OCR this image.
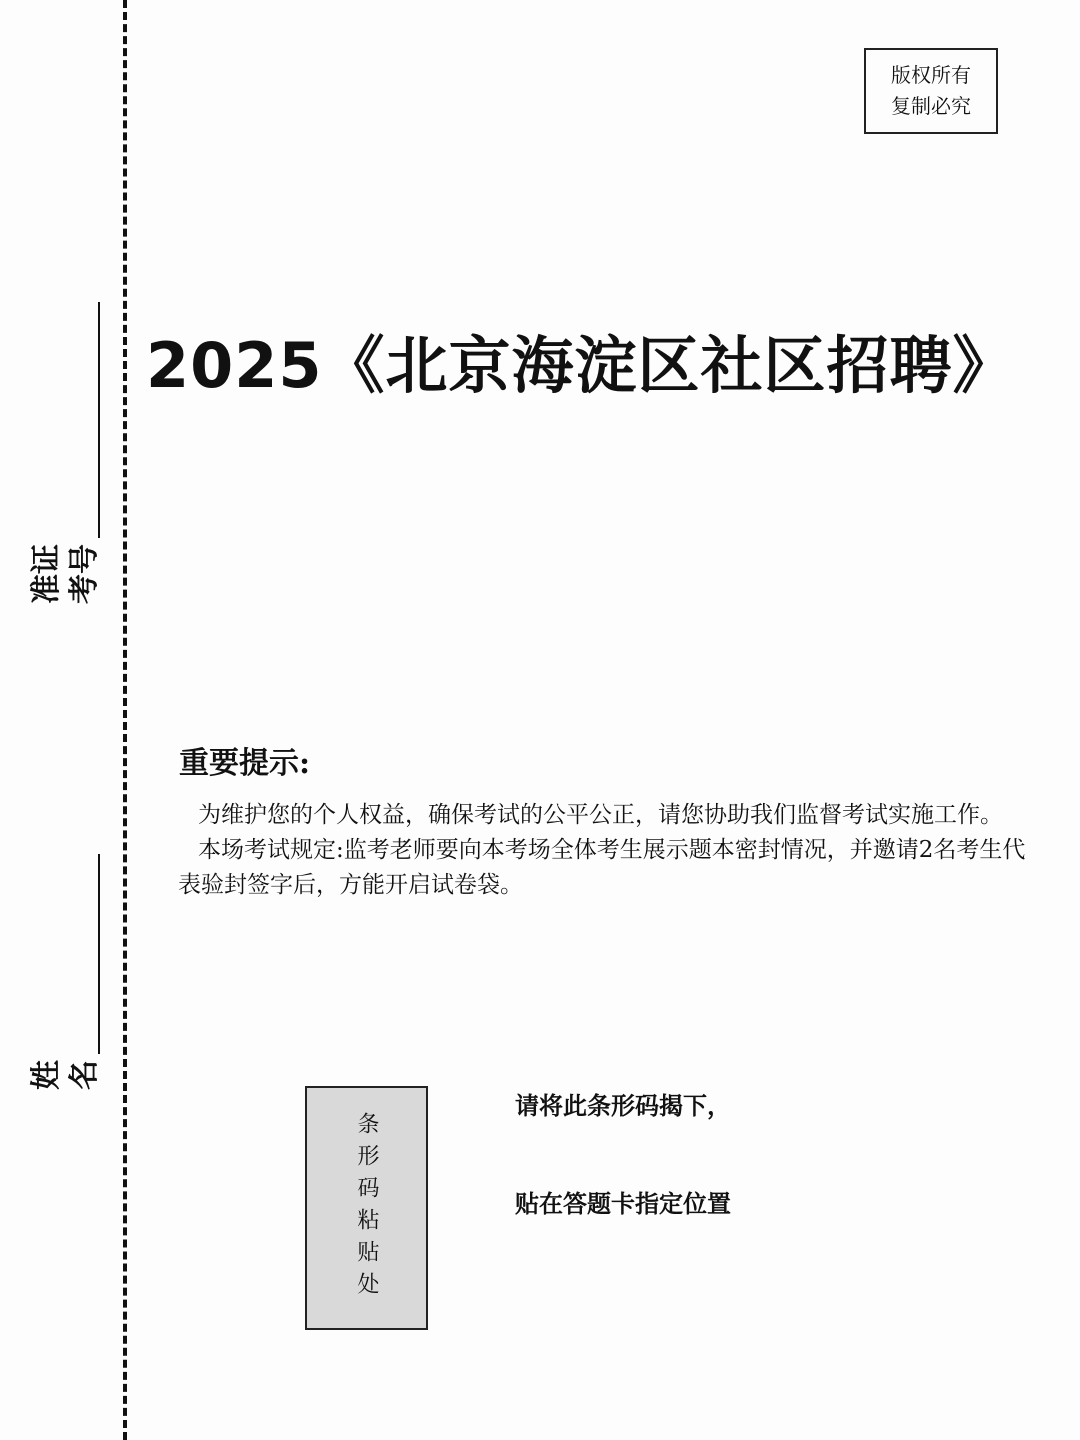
版权所有
复制必究
2025《北京海淀区社区招聘》
准证 考号
姓 名
重要提示:

为维护您的个人权益，确保考试的公平公正，请您协助我们监督考试实施工作。

本场考试规定:监考老师要向本考场全体考生展示题本密封情况，并邀请2名考生代表验封签字后，方能开启试卷袋。

条形码粘贴处
请将此条形码揭下，
贴在答题卡指定位置
